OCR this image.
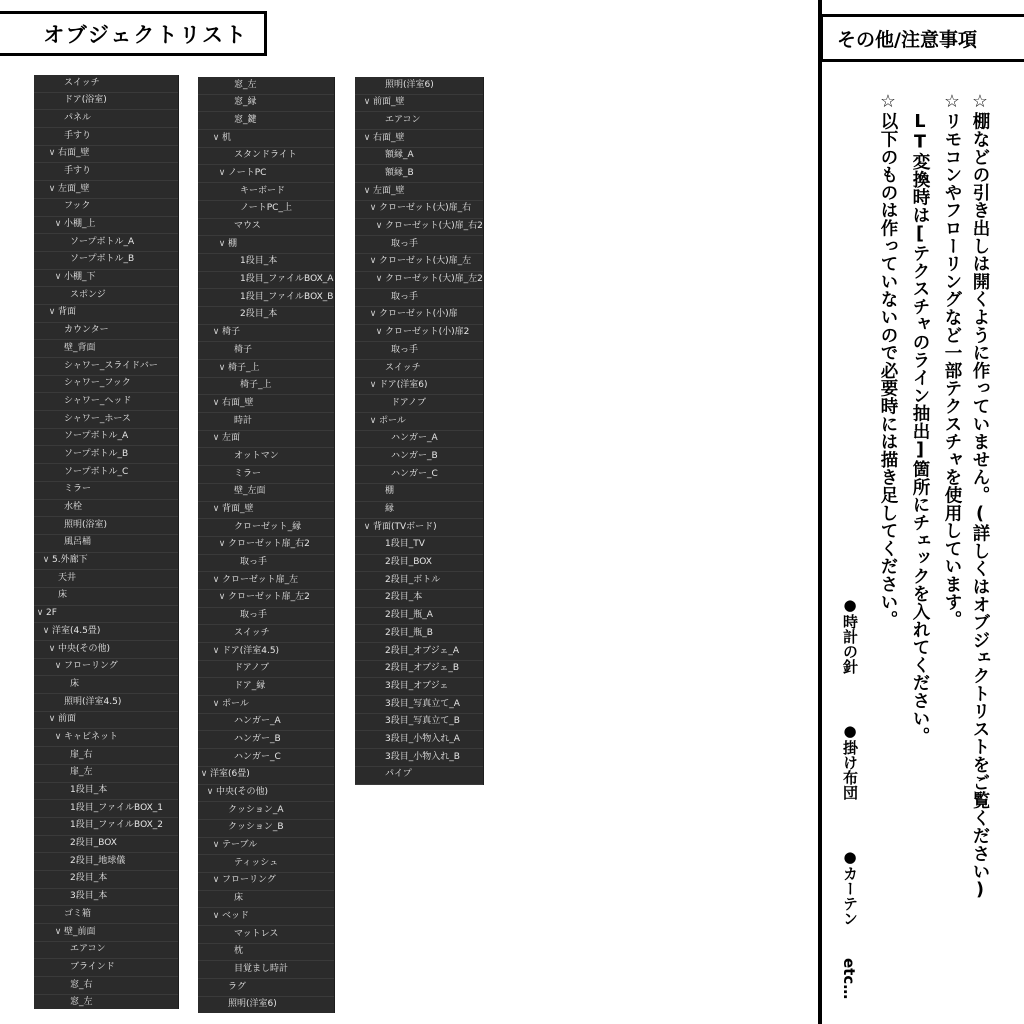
オブジェクトリスト
スイッチ
ドア(浴室)
パネル
手すり
∨ 右面_壁
手すり
∨ 左面_壁
フック
∨ 小棚_上
ソープボトル_A
ソープボトル_B
∨ 小棚_下
スポンジ
∨ 背面
カウンター
壁_背面
シャワー_スライドバー
シャワー_フック
シャワー_ヘッド
シャワー_ホース
ソープボトル_A
ソープボトル_B
ソープボトル_C
ミラー
水栓
照明(浴室)
風呂桶
∨ 5.外廊下
天井
床
∨ 2F
∨ 洋室(4.5畳)
∨ 中央(その他)
∨ フローリング
床
照明(洋室4.5)
∨ 前面
∨ キャビネット
扉_右
扉_左
1段目_本
1段目_ファイルBOX_1
1段目_ファイルBOX_2
2段目_BOX
2段目_地球儀
2段目_本
3段目_本
ゴミ箱
∨ 壁_前面
エアコン
ブラインド
窓_右
窓_左
窓_左
窓_縁
窓_鍵
∨ 机
スタンドライト
∨ ノートPC
キーボード
ノートPC_上
マウス
∨ 棚
1段目_本
1段目_ファイルBOX_A
1段目_ファイルBOX_B
2段目_本
∨ 椅子
椅子
∨ 椅子_上
椅子_上
∨ 右面_壁
時計
∨ 左面
オットマン
ミラー
壁_左面
∨ 背面_壁
クローゼット_縁
∨ クローゼット扉_右2
取っ手
∨ クローゼット扉_左
∨ クローゼット扉_左2
取っ手
スイッチ
∨ ドア(洋室4.5)
ドアノブ
ドア_縁
∨ ポール
ハンガー_A
ハンガー_B
ハンガー_C
∨ 洋室(6畳)
∨ 中央(その他)
クッション_A
クッション_B
∨ テーブル
ティッシュ
∨ フローリング
床
∨ ベッド
マットレス
枕
目覚まし時計
ラグ
照明(洋室6)
照明(洋室6)
∨ 前面_壁
エアコン
∨ 右面_壁
額縁_A
額縁_B
∨ 左面_壁
∨ クローゼット(大)扉_右
∨ クローゼット(大)扉_右2
取っ手
∨ クローゼット(大)扉_左
∨ クローゼット(大)扉_左2
取っ手
∨ クローゼット(小)扉
∨ クローゼット(小)扉2
取っ手
スイッチ
∨ ドア(洋室6)
ドアノブ
∨ ポール
ハンガー_A
ハンガー_B
ハンガー_C
棚
縁
∨ 背面(TVボード)
1段目_TV
2段目_BOX
2段目_ボトル
2段目_本
2段目_瓶_A
2段目_瓶_B
2段目_オブジェ_A
2段目_オブジェ_B
3段目_オブジェ
3段目_写真立て_A
3段目_写真立て_B
3段目_小物入れ_A
3段目_小物入れ_B
パイプ
その他/注意事項
☆棚などの引き出しは開くように作っていません。(詳しくはオブジェクトリストをご覧ください)
☆リモコンやフローリングなど一部テクスチャを使用しています。
LT変換時は[テクスチャのライン抽出]箇所にチェックを入れてください。
☆以下のものは作っていないので必要時には描き足してください。
●時計の針
●掛け布団
●カーテン
etc…
